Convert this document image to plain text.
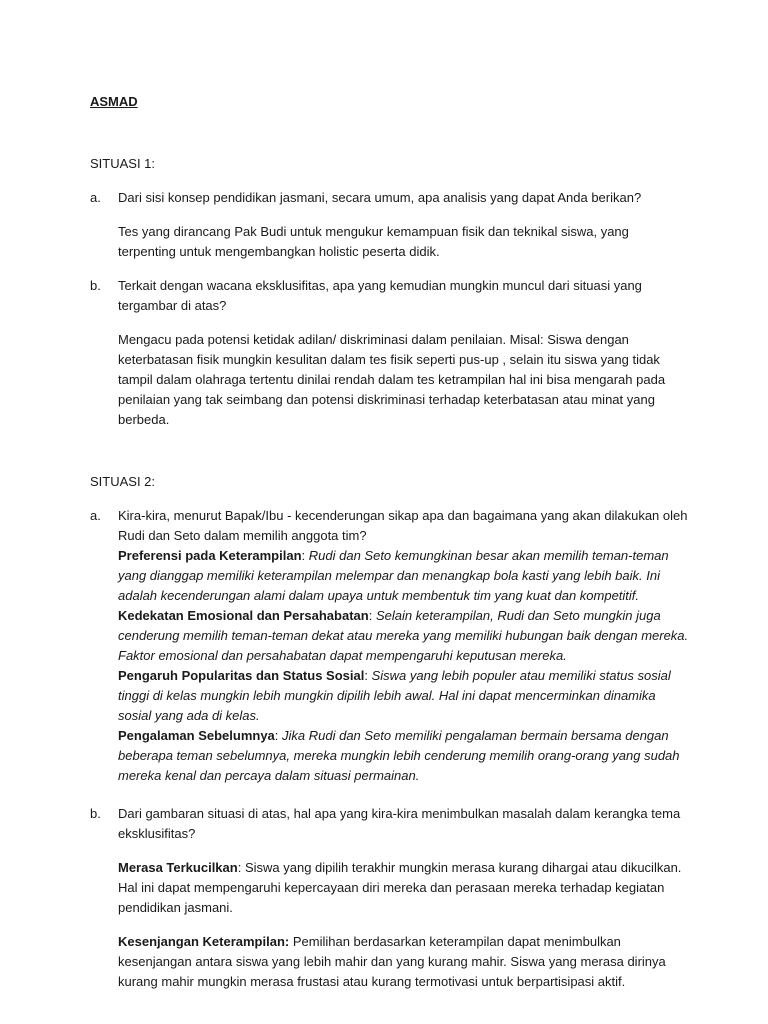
ASMAD
SITUASI 1:
a. Dari sisi konsep pendidikan jasmani, secara umum, apa analisis yang dapat Anda berikan?
Tes yang dirancang Pak Budi untuk mengukur kemampuan fisik dan teknikal siswa, yang terpenting untuk mengembangkan holistic peserta didik.
b. Terkait dengan wacana eksklusifitas, apa yang kemudian mungkin muncul dari situasi yang tergambar di atas?
Mengacu pada potensi ketidak adilan/ diskriminasi dalam penilaian. Misal: Siswa dengan keterbatasan fisik mungkin kesulitan dalam tes fisik seperti pus-up , selain itu siswa yang tidak tampil dalam olahraga tertentu dinilai rendah dalam tes ketrampilan hal ini bisa mengarah pada penilaian yang tak seimbang dan potensi diskriminasi terhadap keterbatasan atau minat yang berbeda.
SITUASI 2:
a. Kira-kira, menurut Bapak/Ibu - kecenderungan sikap apa dan bagaimana yang akan dilakukan oleh Rudi dan Seto dalam memilih anggota tim?
Preferensi pada Keterampilan: Rudi dan Seto kemungkinan besar akan memilih teman-teman yang dianggap memiliki keterampilan melempar dan menangkap bola kasti yang lebih baik. Ini adalah kecenderungan alami dalam upaya untuk membentuk tim yang kuat dan kompetitif.
Kedekatan Emosional dan Persahabatan: Selain keterampilan, Rudi dan Seto mungkin juga cenderung memilih teman-teman dekat atau mereka yang memiliki hubungan baik dengan mereka. Faktor emosional dan persahabatan dapat mempengaruhi keputusan mereka.
Pengaruh Popularitas dan Status Sosial: Siswa yang lebih populer atau memiliki status sosial tinggi di kelas mungkin lebih mungkin dipilih lebih awal. Hal ini dapat mencerminkan dinamika sosial yang ada di kelas.
Pengalaman Sebelumnya: Jika Rudi dan Seto memiliki pengalaman bermain bersama dengan beberapa teman sebelumnya, mereka mungkin lebih cenderung memilih orang-orang yang sudah mereka kenal dan percaya dalam situasi permainan.
b. Dari gambaran situasi di atas, hal apa yang kira-kira menimbulkan masalah dalam kerangka tema eksklusifitas?
Merasa Terkucilkan: Siswa yang dipilih terakhir mungkin merasa kurang dihargai atau dikucilkan. Hal ini dapat mempengaruhi kepercayaan diri mereka dan perasaan mereka terhadap kegiatan pendidikan jasmani.
Kesenjangan Keterampilan: Pemilihan berdasarkan keterampilan dapat menimbulkan kesenjangan antara siswa yang lebih mahir dan yang kurang mahir. Siswa yang merasa dirinya kurang mahir mungkin merasa frustasi atau kurang termotivasi untuk berpartisipasi aktif.
